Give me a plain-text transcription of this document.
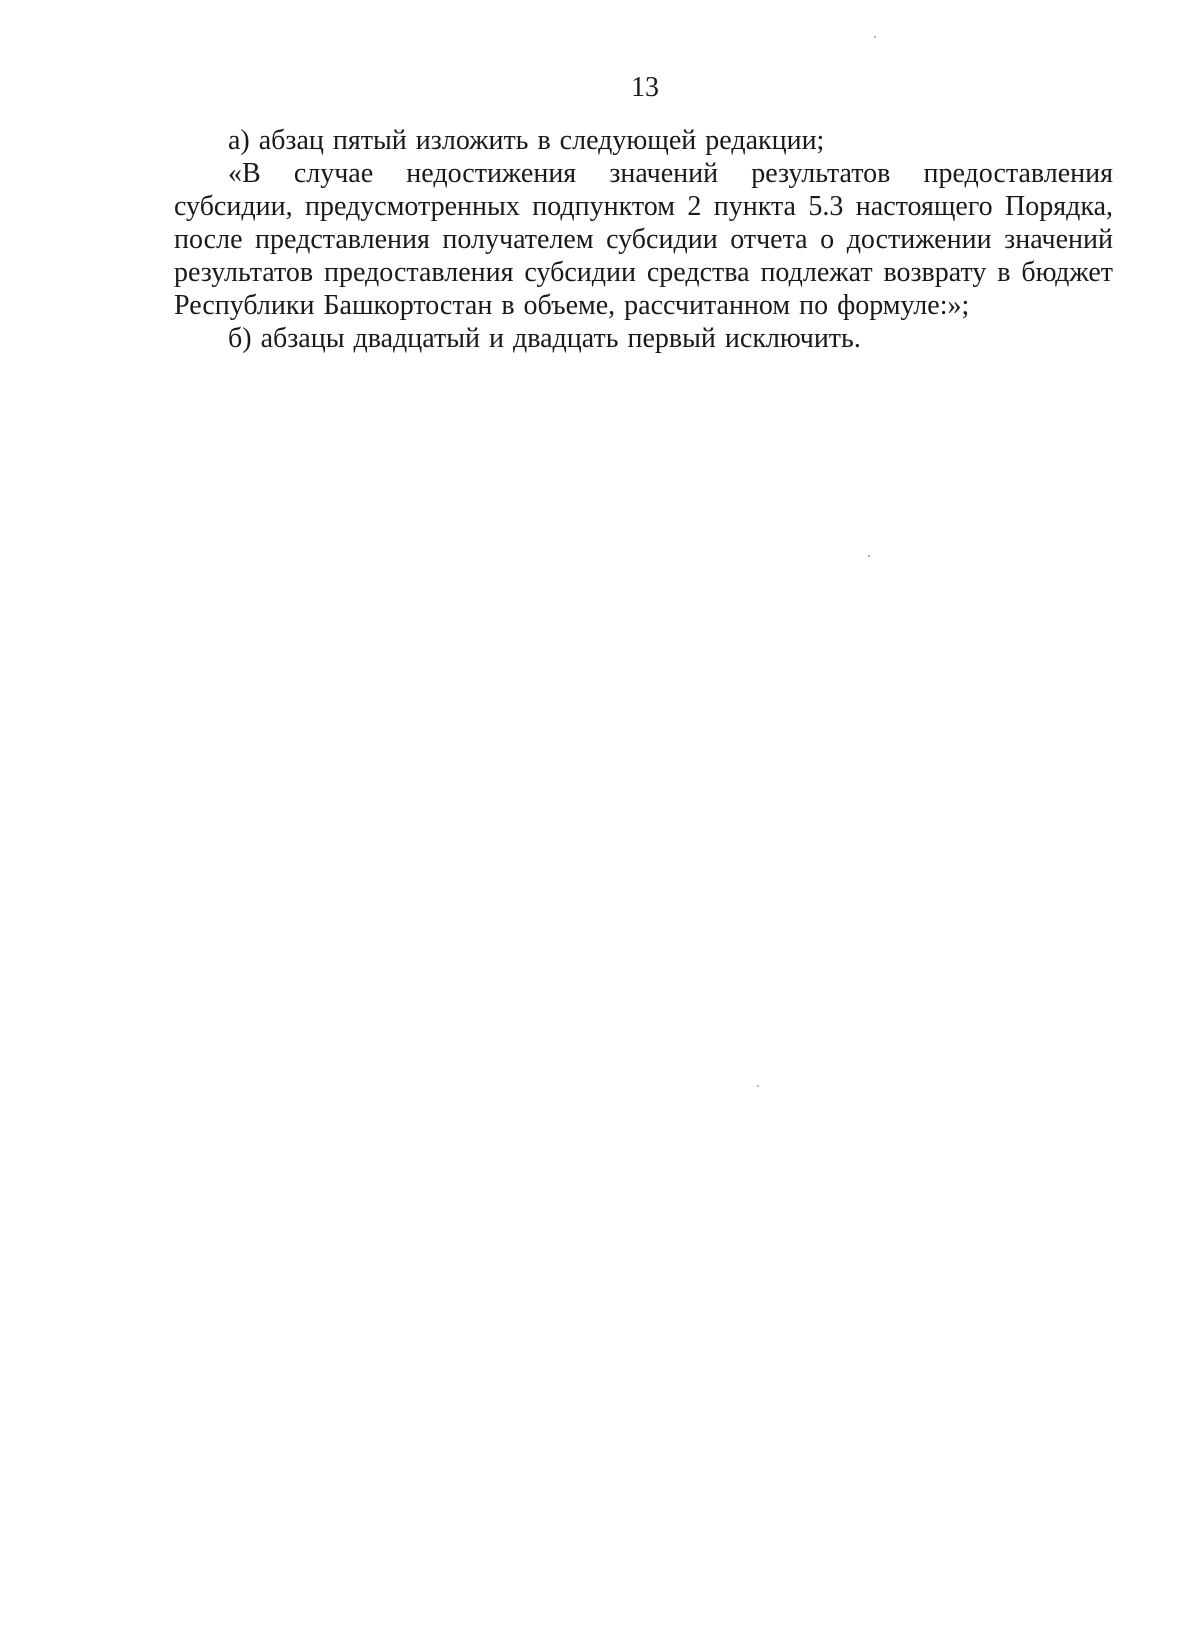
13

а) абзац пятый изложить в следующей редакции;

«В случае недостижения значений результатов предоставления субсидии, предусмотренных подпунктом 2 пункта 5.3 настоящего Порядка, после представления получателем субсидии отчета о достижении значений результатов предоставления субсидии средства подлежат возврату в бюджет Республики Башкортостан в объеме, рассчитанном по формуле:»;

б) абзацы двадцатый и двадцать первый исключить.
